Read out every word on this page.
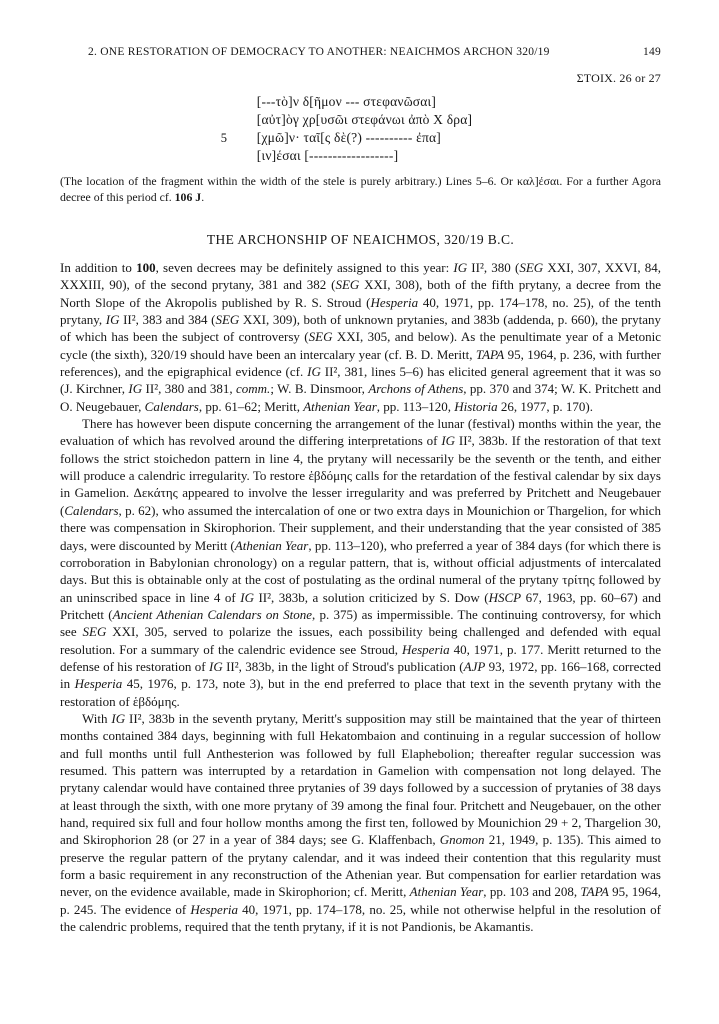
2. ONE RESTORATION OF DEMOCRACY TO ANOTHER: NEAICHMOS ARCHON 320/19	149
ΣΤΟΙΧ. 26 or 27
[---τὸ]ν δ[ῆμον --- στεφανῶσαι]
[αὐτ]ὸγ χρ[υσῶι στεφάνωι ἀπὸ Χ δρα]
5	[χμῶ]ν· ταῖ[ς δὲ(?) ---------- ἐπα]
[ιν]έσαι [------------------]

(The location of the fragment within the width of the stele is purely arbitrary.) Lines 5–6. Or καλ]έσαι. For a further Agora decree of this period cf. 106 J.

THE ARCHONSHIP OF NEAICHMOS, 320/19 B.C.

In addition to 100, seven decrees may be definitely assigned to this year: IG II², 380 (SEG XXI, 307, XXVI, 84, XXXIII, 90), of the second prytany, 381 and 382 (SEG XXI, 308), both of the fifth prytany, a decree from the North Slope of the Akropolis published by R. S. Stroud (Hesperia 40, 1971, pp. 174–178, no. 25), of the tenth prytany, IG II², 383 and 384 (SEG XXI, 309), both of unknown prytanies, and 383b (addenda, p. 660), the prytany of which has been the subject of controversy (SEG XXI, 305, and below). As the penultimate year of a Metonic cycle (the sixth), 320/19 should have been an intercalary year (cf. B. D. Meritt, TAPA 95, 1964, p. 236, with further references), and the epigraphical evidence (cf. IG II², 381, lines 5–6) has elicited general agreement that it was so (J. Kirchner, IG II², 380 and 381, comm.; W. B. Dinsmoor, Archons of Athens, pp. 370 and 374; W. K. Pritchett and O. Neugebauer, Calendars, pp. 61–62; Meritt, Athenian Year, pp. 113–120, Historia 26, 1977, p. 170).

There has however been dispute concerning the arrangement of the lunar (festival) months within the year, the evaluation of which has revolved around the differing interpretations of IG II², 383b. If the restoration of that text follows the strict stoichedon pattern in line 4, the prytany will necessarily be the seventh or the tenth, and either will produce a calendric irregularity. To restore ἑβδόμης calls for the retardation of the festival calendar by six days in Gamelion. Δεκάτης appeared to involve the lesser irregularity and was preferred by Pritchett and Neugebauer (Calendars, p. 62), who assumed the intercalation of one or two extra days in Mounichion or Thargelion, for which there was compensation in Skirophorion. Their supplement, and their understanding that the year consisted of 385 days, were discounted by Meritt (Athenian Year, pp. 113–120), who preferred a year of 384 days (for which there is corroboration in Babylonian chronology) on a regular pattern, that is, without official adjustments of intercalated days. But this is obtainable only at the cost of postulating as the ordinal numeral of the prytany τρίτης followed by an uninscribed space in line 4 of IG II², 383b, a solution criticized by S. Dow (HSCP 67, 1963, pp. 60–67) and Pritchett (Ancient Athenian Calendars on Stone, p. 375) as impermissible. The continuing controversy, for which see SEG XXI, 305, served to polarize the issues, each possibility being challenged and defended with equal resolution. For a summary of the calendric evidence see Stroud, Hesperia 40, 1971, p. 177. Meritt returned to the defense of his restoration of IG II², 383b, in the light of Stroud's publication (AJP 93, 1972, pp. 166–168, corrected in Hesperia 45, 1976, p. 173, note 3), but in the end preferred to place that text in the seventh prytany with the restoration of ἑβδόμης.

With IG II², 383b in the seventh prytany, Meritt's supposition may still be maintained that the year of thirteen months contained 384 days, beginning with full Hekatombaion and continuing in a regular succession of hollow and full months until full Anthesterion was followed by full Elaphebolion; thereafter regular succession was resumed. This pattern was interrupted by a retardation in Gamelion with compensation not long delayed. The prytany calendar would have contained three prytanies of 39 days followed by a succession of prytanies of 38 days at least through the sixth, with one more prytany of 39 among the final four. Pritchett and Neugebauer, on the other hand, required six full and four hollow months among the first ten, followed by Mounichion 29 + 2, Thargelion 30, and Skirophorion 28 (or 27 in a year of 384 days; see G. Klaffenbach, Gnomon 21, 1949, p. 135). This aimed to preserve the regular pattern of the prytany calendar, and it was indeed their contention that this regularity must form a basic requirement in any reconstruction of the Athenian year. But compensation for earlier retardation was never, on the evidence available, made in Skirophorion; cf. Meritt, Athenian Year, pp. 103 and 208, TAPA 95, 1964, p. 245. The evidence of Hesperia 40, 1971, pp. 174–178, no. 25, while not otherwise helpful in the resolution of the calendric problems, required that the tenth prytany, if it is not Pandionis, be Akamantis.
